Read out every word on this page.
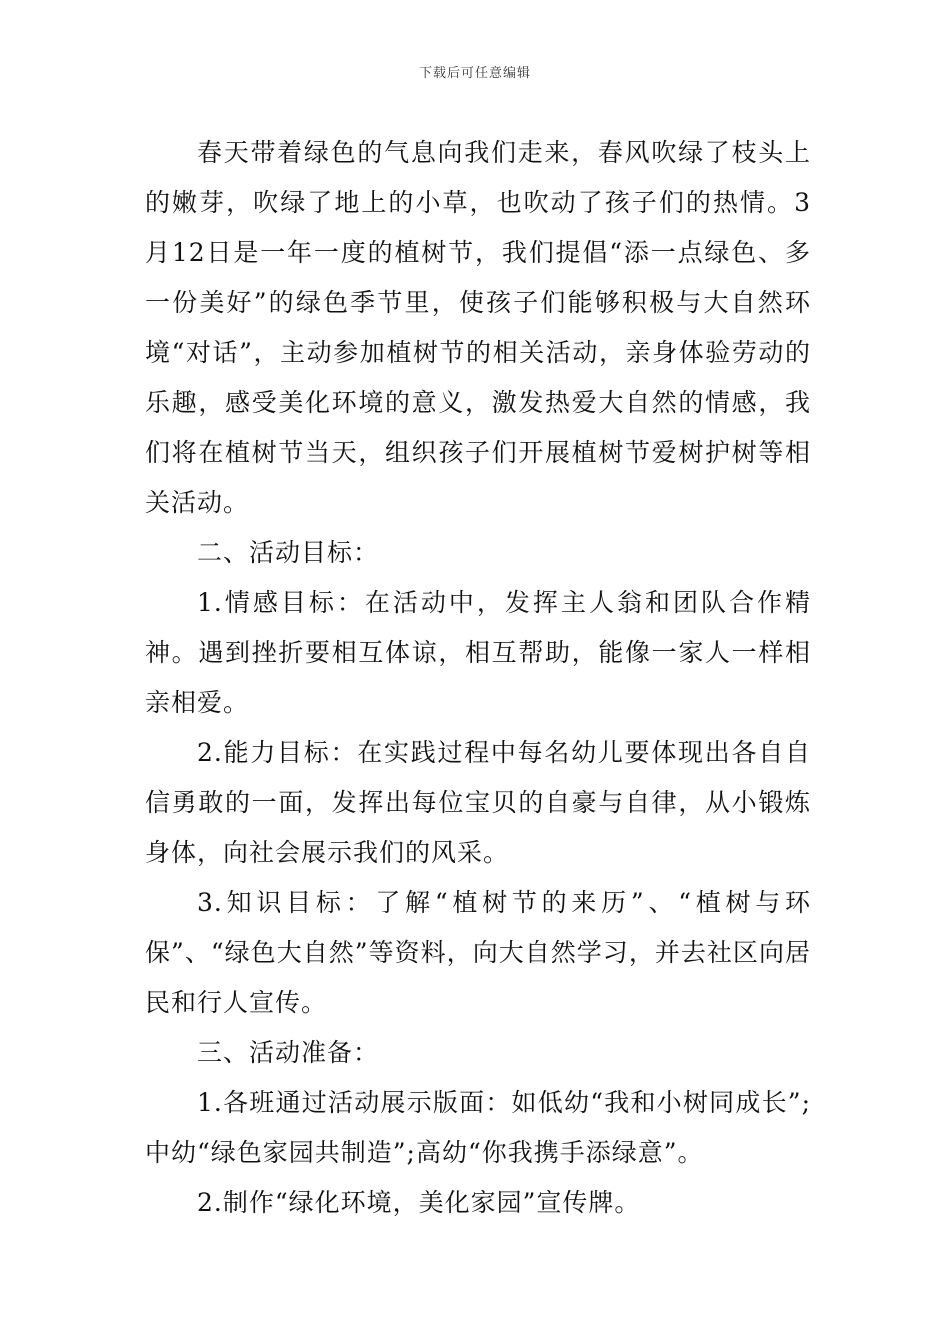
下载后可任意编辑

春天带着绿色的气息向我们走来，春风吹绿了枝头上的嫩芽，吹绿了地上的小草，也吹动了孩子们的热情。3月12日是一年一度的植树节，我们提倡“添一点绿色、多一份美好”的绿色季节里，使孩子们能够积极与大自然环境“对话”，主动参加植树节的相关活动，亲身体验劳动的乐趣，感受美化环境的意义，激发热爱大自然的情感，我们将在植树节当天，组织孩子们开展植树节爱树护树等相关活动。

二、活动目标：

1.情感目标：在活动中，发挥主人翁和团队合作精神。遇到挫折要相互体谅，相互帮助，能像一家人一样相亲相爱。

2.能力目标：在实践过程中每名幼儿要体现出各自自信勇敢的一面，发挥出每位宝贝的自豪与自律，从小锻炼身体，向社会展示我们的风采。

3.知识目标：了解“植树节的来历”、“植树与环保”、“绿色大自然”等资料，向大自然学习，并去社区向居民和行人宣传。

三、活动准备：

1.各班通过活动展示版面：如低幼“我和小树同成长”;中幼“绿色家园共制造”;高幼“你我携手添绿意”。

2.制作“绿化环境，美化家园”宣传牌。
